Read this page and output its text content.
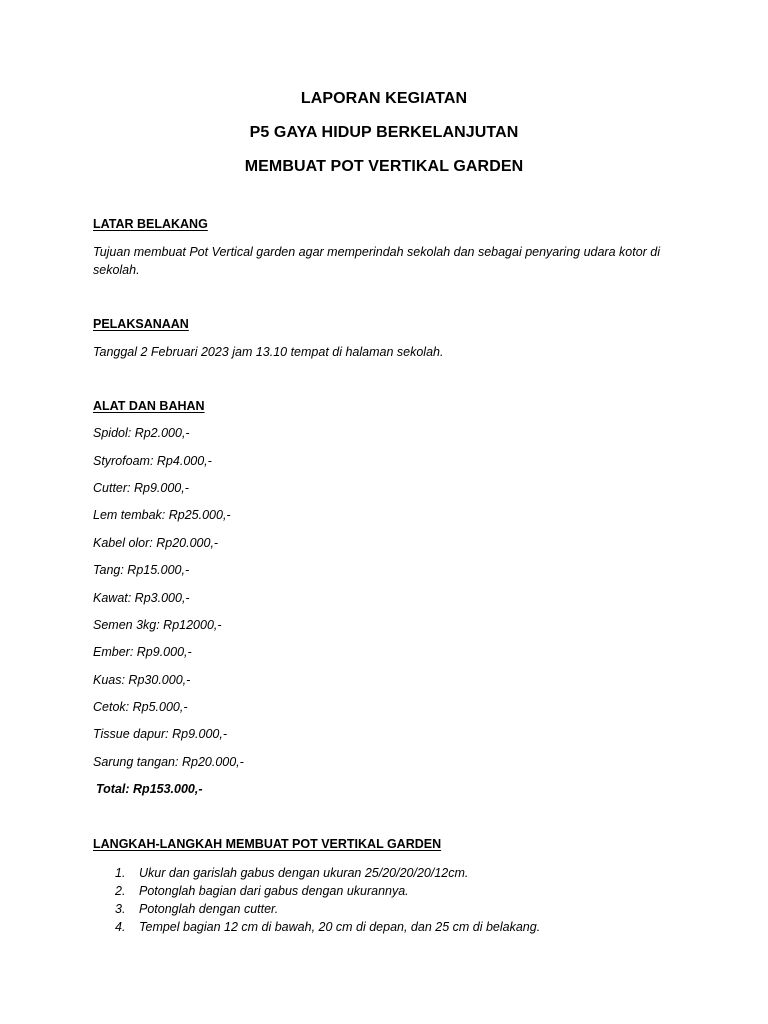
LAPORAN KEGIATAN
P5 GAYA HIDUP BERKELANJUTAN
MEMBUAT POT VERTIKAL GARDEN
LATAR BELAKANG
Tujuan membuat Pot Vertical garden agar memperindah sekolah dan sebagai penyaring udara kotor di sekolah.
PELAKSANAAN
Tanggal 2 Februari 2023 jam 13.10 tempat di halaman sekolah.
ALAT DAN BAHAN
Spidol: Rp2.000,-
Styrofoam: Rp4.000,-
Cutter: Rp9.000,-
Lem tembak: Rp25.000,-
Kabel olor: Rp20.000,-
Tang: Rp15.000,-
Kawat: Rp3.000,-
Semen 3kg: Rp12000,-
Ember: Rp9.000,-
Kuas: Rp30.000,-
Cetok: Rp5.000,-
Tissue dapur: Rp9.000,-
Sarung tangan: Rp20.000,-
Total: Rp153.000,-
LANGKAH-LANGKAH MEMBUAT POT VERTIKAL GARDEN
1. Ukur dan garislah gabus dengan ukuran 25/20/20/20/12cm.
2. Potonglah bagian dari gabus dengan ukurannya.
3. Potonglah dengan cutter.
4. Tempel bagian 12 cm di bawah, 20 cm di depan, dan 25 cm di belakang.
